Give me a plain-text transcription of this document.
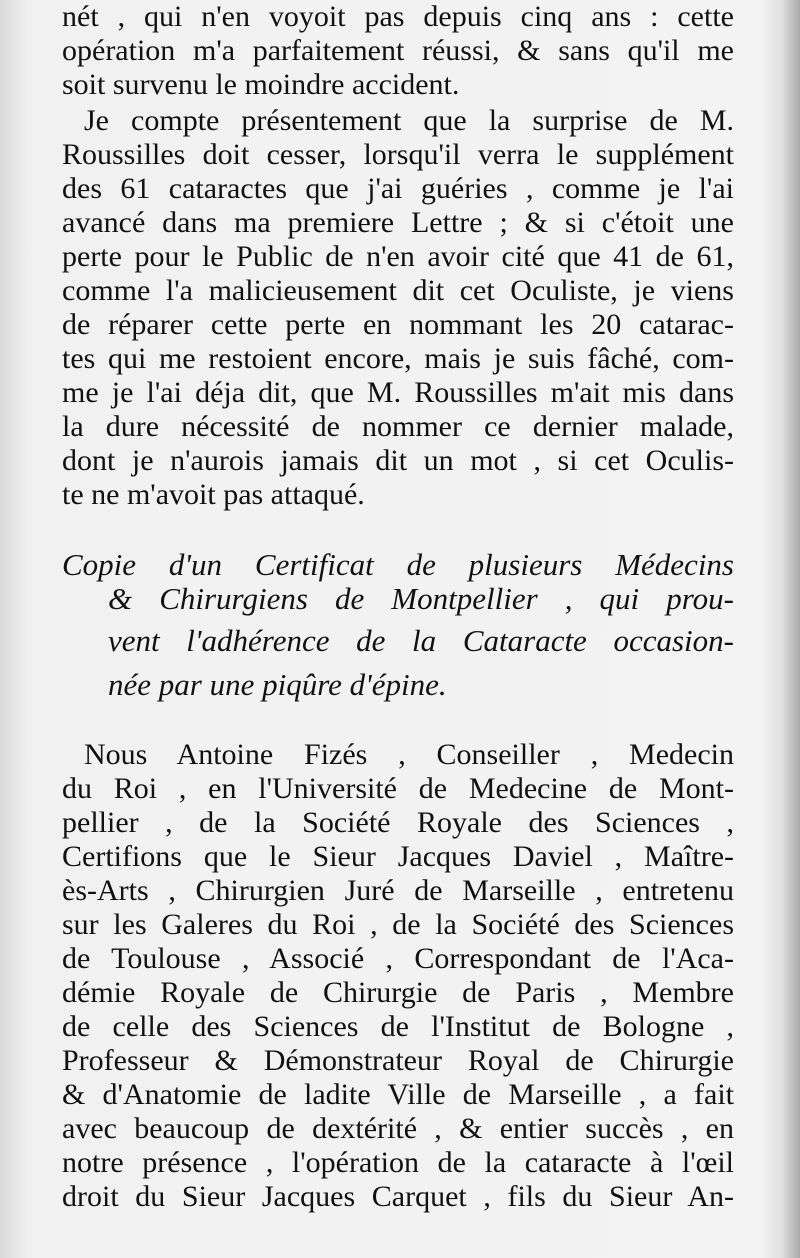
nét , qui n'en voyoit pas depuis cinq ans : cette
opération m'a parfaitement réussi, & sans qu'il me
soit survenu le moindre accident.
Je compte présentement que la surprise de M.
Roussilles doit cesser, lorsqu'il verra le supplément
des 61 cataractes que j'ai guéries , comme je l'ai
avancé dans ma premiere Lettre ; & si c'étoit une
perte pour le Public de n'en avoir cité que 41 de 61,
comme l'a malicieusement dit cet Oculiste, je viens
de réparer cette perte en nommant les 20 catarac-
tes qui me restoient encore, mais je suis fâché, com-
me je l'ai déja dit, que M. Roussilles m'ait mis dans
la dure nécessité de nommer ce dernier malade,
dont je n'aurois jamais dit un mot , si cet Oculis-
te ne m'avoit pas attaqué.
Copie d'un Certificat de plusieurs Médecins
& Chirurgiens de Montpellier , qui prou-
vent l'adhérence de la Cataracte occasion-
née par une piqûre d'épine.
Nous Antoine Fizés , Conseiller , Medecin
du Roi , en l'Université de Medecine de Mont-
pellier , de la Société Royale des Sciences ,
Certifions que le Sieur Jacques Daviel , Maître-
ès-Arts , Chirurgien Juré de Marseille , entretenu
sur les Galeres du Roi , de la Société des Sciences
de Toulouse , Associé , Correspondant de l'Aca-
démie Royale de Chirurgie de Paris , Membre
de celle des Sciences de l'Institut de Bologne ,
Professeur & Démonstrateur Royal de Chirurgie
& d'Anatomie de ladite Ville de Marseille , a fait
avec beaucoup de dextérité , & entier succès , en
notre présence , l'opération de la cataracte à l'œil
droit du Sieur Jacques Carquet , fils du Sieur An-
